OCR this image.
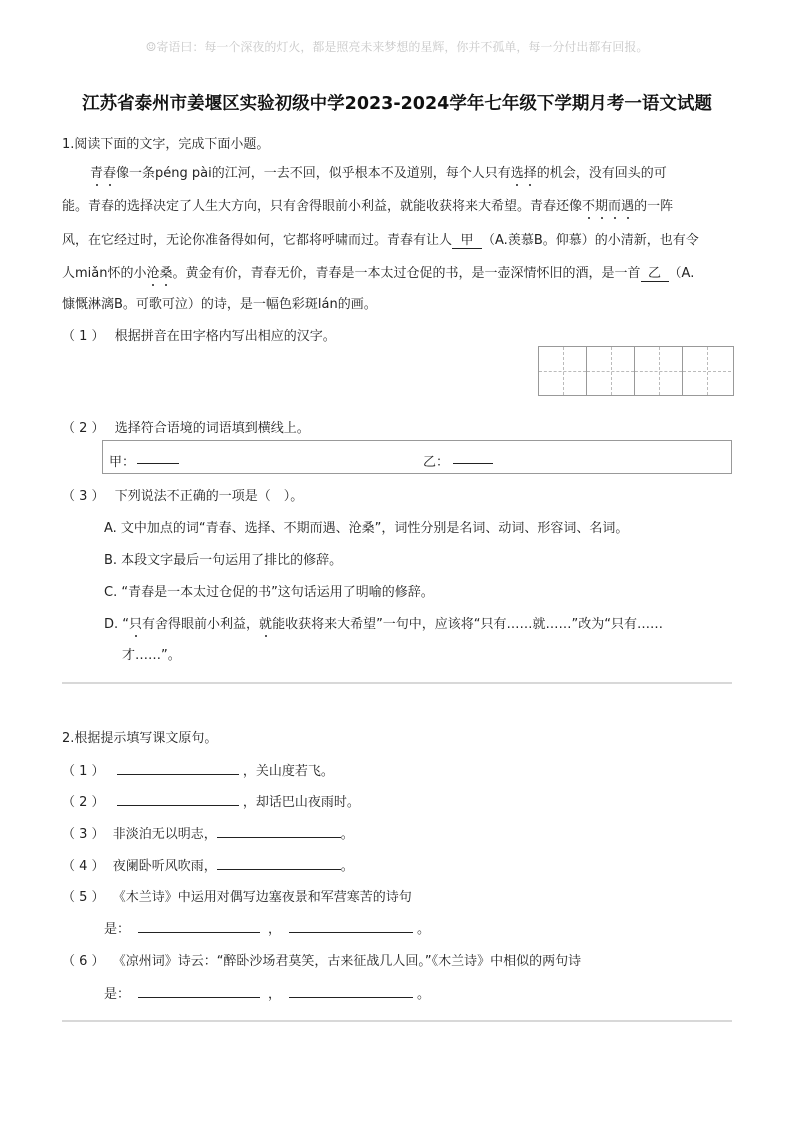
☺寄语曰：每一个深夜的灯火，都是照亮未来梦想的星辉，你并不孤单，每一分付出都有回报。
江苏省泰州市姜堰区实验初级中学2023-2024学年七年级下学期月考一语文试题
1.阅读下面的文字，完成下面小题。
青春像一条péng pài的江河，一去不回，似乎根本不及道别，每个人只有选择的机会，没有回头的可
能。青春的选择决定了人生大方向，只有舍得眼前小利益，就能收获将来大希望。青春还像不期而遇的一阵
风，在它经过时，无论你准备得如何，它都将呼啸而过。青春有让人 甲 （A.羡慕B。仰慕）的小清新，也有令
人miǎn怀的小沧桑。黄金有价，青春无价，青春是一本太过仓促的书，是一壶深情怀旧的酒，是一首 乙 （A.
慷慨淋漓B。可歌可泣）的诗，是一幅色彩斑lán的画。
（ 1 ） 根据拼音在田字格内写出相应的汉字。
（ 2 ） 选择符合语境的词语填到横线上。
甲：	乙：
（ 3 ） 下列说法不正确的一项是（　）。
A. 文中加点的词“青春、选择、不期而遇、沧桑”，词性分别是名词、动词、形容词、名词。
B. 本段文字最后一句运用了排比的修辞。
C. “青春是一本太过仓促的书”这句话运用了明喻的修辞。
D. “只有舍得眼前小利益，就能收获将来大希望”一句中，应该将“只有……就……”改为“只有……
才……”。
2.根据提示填写课文原句。
（ 1 ）	，关山度若飞。
（ 2 ）	，却话巴山夜雨时。
（ 3 ） 非淡泊无以明志，	。
（ 4 ） 夜阑卧听风吹雨，	。
（ 5 ） 《木兰诗》中运用对偶写边塞夜景和军营寒苦的诗句
是：	，	。
（ 6 ） 《凉州词》诗云：“醉卧沙场君莫笑，古来征战几人回。”《木兰诗》中相似的两句诗
是：	，	。
